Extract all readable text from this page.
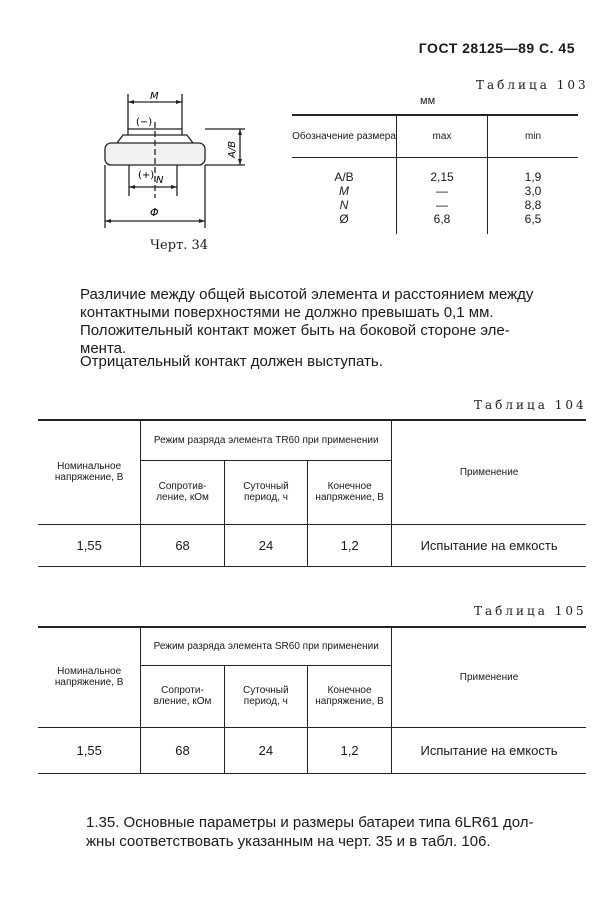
ГОСТ 28125—89 С. 45
M
(−)
(+) N
Φ
A/B
Черт. 34
Таблица 103
мм
Обозначение размера	max	min
A/B	2,15	1,9
M	—	3,0
N	—	8,8
Ø	6,8	6,5
Различие между общей высотой элемента и расстоянием между
контактными поверхностями не должно превышать 0,1 мм.
Положительный контакт может быть на боковой стороне эле-
мента.
Отрицательный контакт должен выступать.
Таблица 104
Номинальное напряжение, В	Режим разряда элемента ТR60 при применении			Применение
	Сопротив-ление, кОм	Суточный период, ч	Конечное напряжение, В	
1,55	68	24	1,2	Испытание на емкость
Таблица 105
Номинальное напряжение, В	Режим разряда элемента SR60 при применении			Применение
	Сопроти-вление, кОм	Суточный период, ч	Конечное напряжение, В	
1,55	68	24	1,2	Испытание на емкость
1.35. Основные параметры и размеры батареи типа 6LR61 дол-
жны соответствовать указанным на черт. 35 и в табл. 106.
